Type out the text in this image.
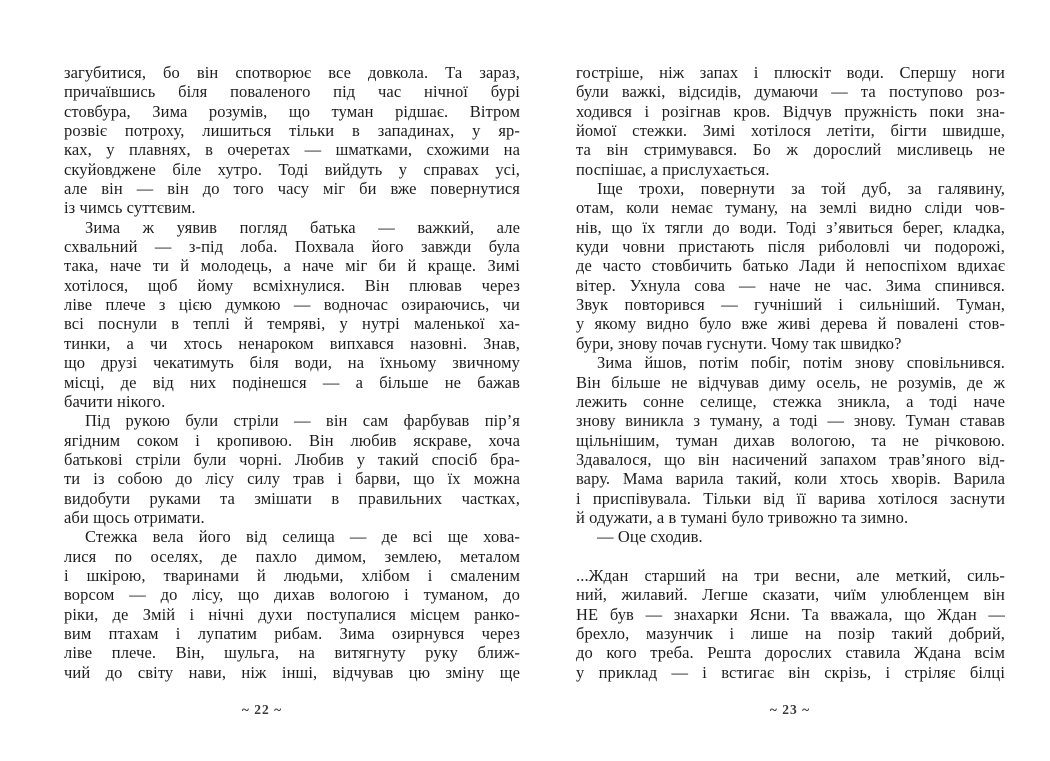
загубитися, бо він спотворює все довкола. Та зараз,
причаївшись біля поваленого під час нічної бурі
стовбура, Зима розумів, що туман рідшає. Вітром
розвіє потроху, лишиться тільки в западинах, у яр-
ках, у плавнях, в очеретах — шматками, схожими на
скуйовджене біле хутро. Тоді вийдуть у справах усі,
але він — він до того часу міг би вже повернутися
із чимсь суттєвим.
Зима ж уявив погляд батька — важкий, але
схвальний — з-під лоба. Похвала його завжди була
така, наче ти й молодець, а наче міг би й краще. Зимі
хотілося, щоб йому всміхнулися. Він плював через
ліве плече з цією думкою — водночас озираючись, чи
всі поснули в теплі й темряві, у нутрі маленької ха-
тинки, а чи хтось ненароком випхався назовні. Знав,
що друзі чекатимуть біля води, на їхньому звичному
місці, де від них подінешся — а більше не бажав
бачити нікого.
Під рукою були стріли — він сам фарбував пір’я
ягідним соком і кропивою. Він любив яскраве, хоча
батькові стріли були чорні. Любив у такий спосіб бра-
ти із собою до лісу силу трав і барви, що їх можна
видобути руками та змішати в правильних частках,
аби щось отримати.
Стежка вела його від селища — де всі ще хова-
лися по оселях, де пахло димом, землею, металом
і шкірою, тваринами й людьми, хлібом і смаленим
ворсом — до лісу, що дихав вологою і туманом, до
ріки, де Змій і нічні духи поступалися місцем ранко-
вим птахам і лупатим рибам. Зима озирнувся через
ліве плече. Він, шульга, на витягнуту руку ближ-
чий до світу нави, ніж інші, відчував цю зміну ще
~ 22 ~
гостріше, ніж запах і плюскіт води. Спершу ноги
були важкі, відсидів, думаючи — та поступово роз-
ходився і розігнав кров. Відчув пружність поки зна-
йомої стежки. Зимі хотілося летіти, бігти швидше,
та він стримувався. Бо ж дорослий мисливець не
поспішає, а прислухається.
Іще трохи, повернути за той дуб, за галявину,
отам, коли немає туману, на землі видно сліди чов-
нів, що їх тягли до води. Тоді з’явиться берег, кладка,
куди човни пристають після риболовлі чи подорожі,
де часто стовбичить батько Лади й непоспіхом вдихає
вітер. Ухнула сова — наче не час. Зима спинився.
Звук повторився — гучніший і сильніший. Туман,
у якому видно було вже живі дерева й повалені стов-
бури, знову почав гуснути. Чому так швидко?
Зима йшов, потім побіг, потім знову сповільнився.
Він більше не відчував диму осель, не розумів, де ж
лежить сонне селище, стежка зникла, а тоді наче
знову виникла з туману, а тоді — знову. Туман ставав
щільнішим, туман дихав вологою, та не річковою.
Здавалося, що він насичений запахом трав’яного від-
вару. Мама варила такий, коли хтось хворів. Варила
і приспівувала. Тільки від її варива хотілося заснути
й одужати, а в тумані було тривожно та зимно.
— Оце сходив.
...Ждан старший на три весни, але меткий, силь-
ний, жилавий. Легше сказати, чиїм улюбленцем він
НЕ був — знахарки Ясни. Та вважала, що Ждан —
брехло, мазунчик і лише на позір такий добрий,
до кого треба. Решта дорослих ставила Ждана всім
у приклад — і встигає він скрізь, і стріляє білці
~ 23 ~
